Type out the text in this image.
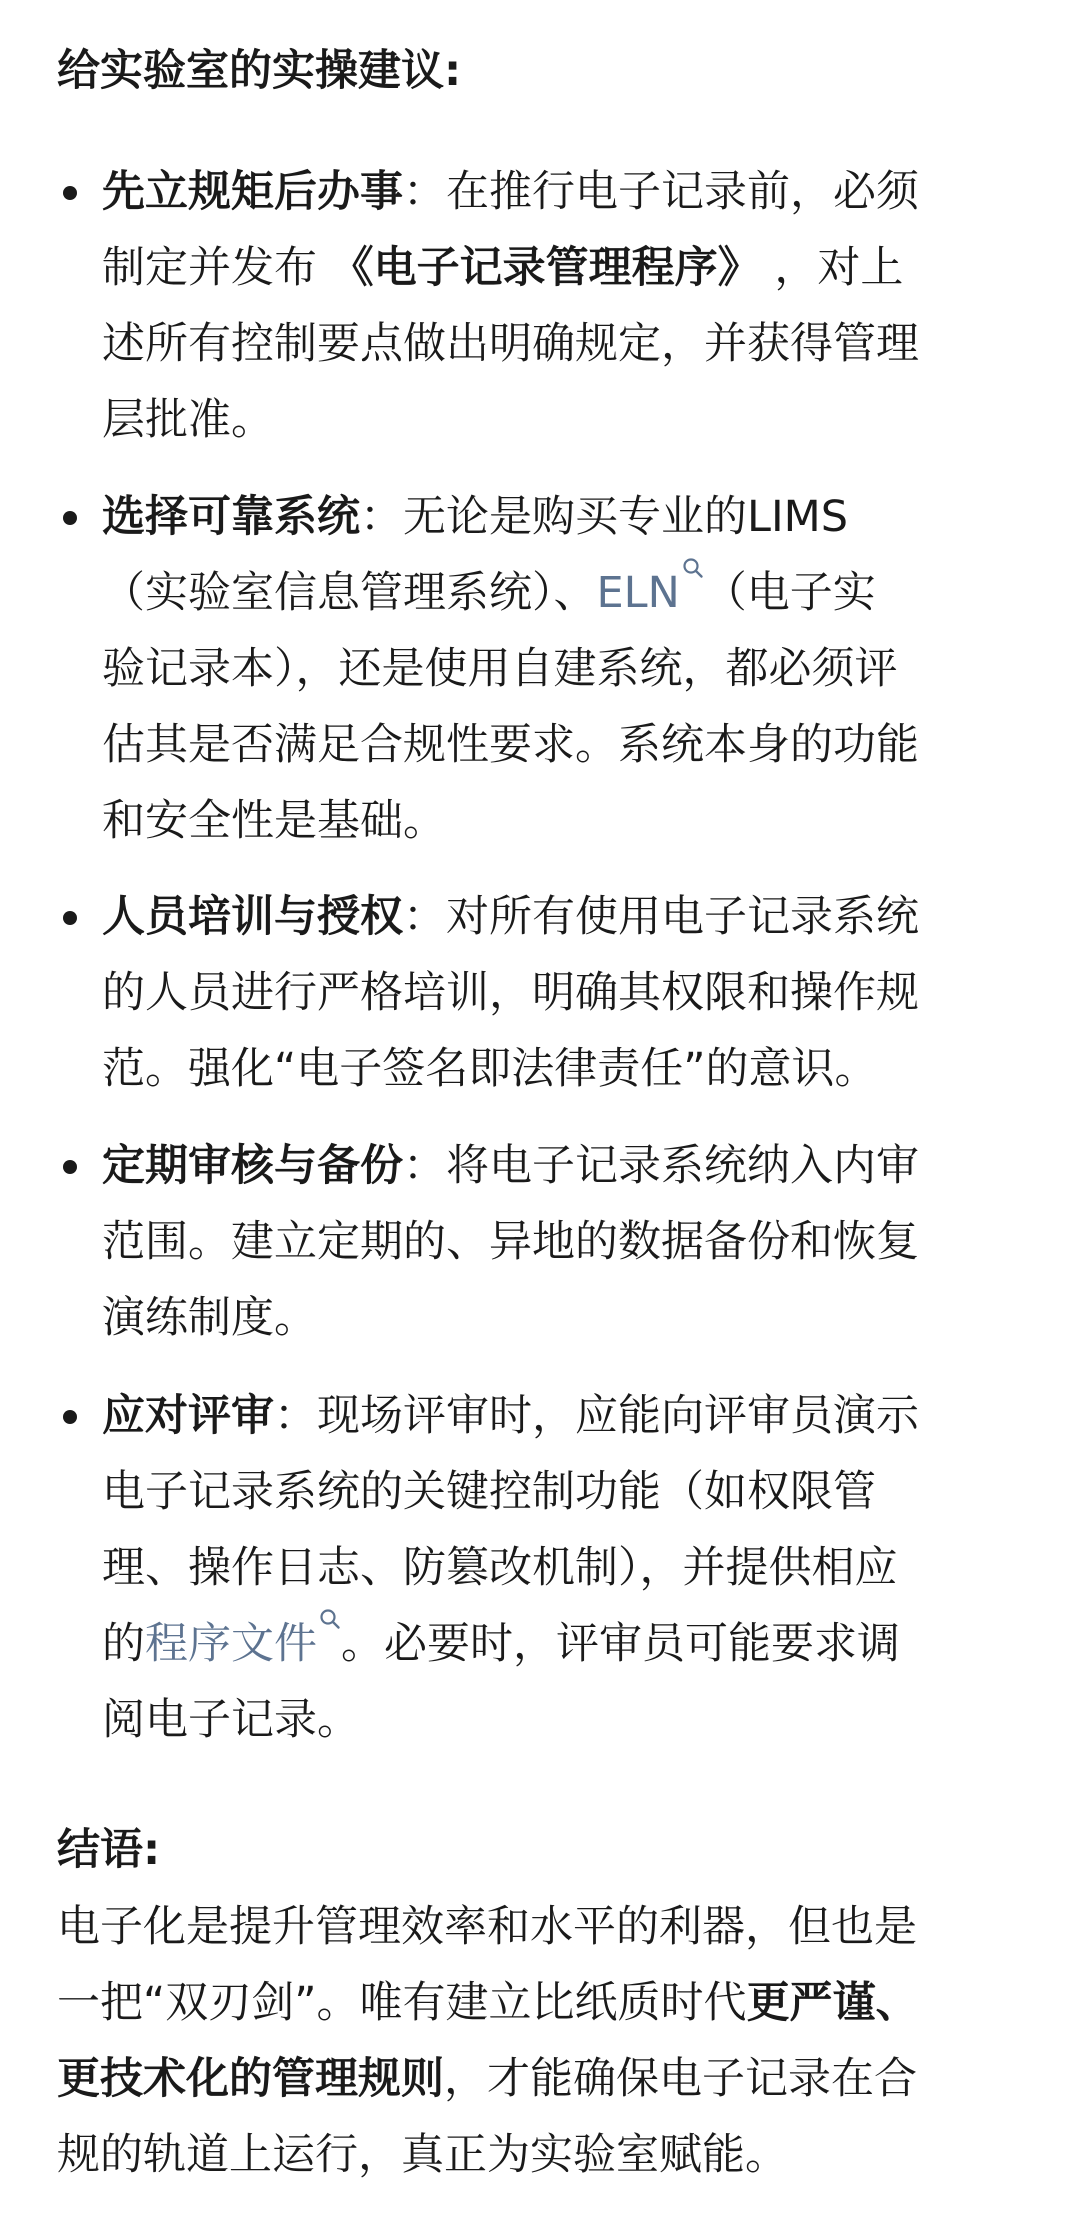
给实验室的实操建议:
先立规矩后办事：在推行电子记录前，必须
制定并发布 《电子记录管理程序》 ，对上
述所有控制要点做出明确规定，并获得管理
层批准。
选择可靠系统：无论是购买专业的LIMS
（实验室信息管理系统）、ELN （电子实
验记录本），还是使用自建系统，都必须评
估其是否满足合规性要求。系统本身的功能
和安全性是基础。
人员培训与授权：对所有使用电子记录系统
的人员进行严格培训，明确其权限和操作规
范。强化“电子签名即法律责任”的意识。
定期审核与备份：将电子记录系统纳入内审
范围。建立定期的、异地的数据备份和恢复
演练制度。
应对评审：现场评审时，应能向评审员演示
电子记录系统的关键控制功能（如权限管
理、操作日志、防篡改机制），并提供相应
的程序文件 。必要时，评审员可能要求调
阅电子记录。
结语:
电子化是提升管理效率和水平的利器，但也是
一把“双刃剑”。唯有建立比纸质时代更严谨、
更技术化的管理规则，才能确保电子记录在合
规的轨道上运行，真正为实验室赋能。
